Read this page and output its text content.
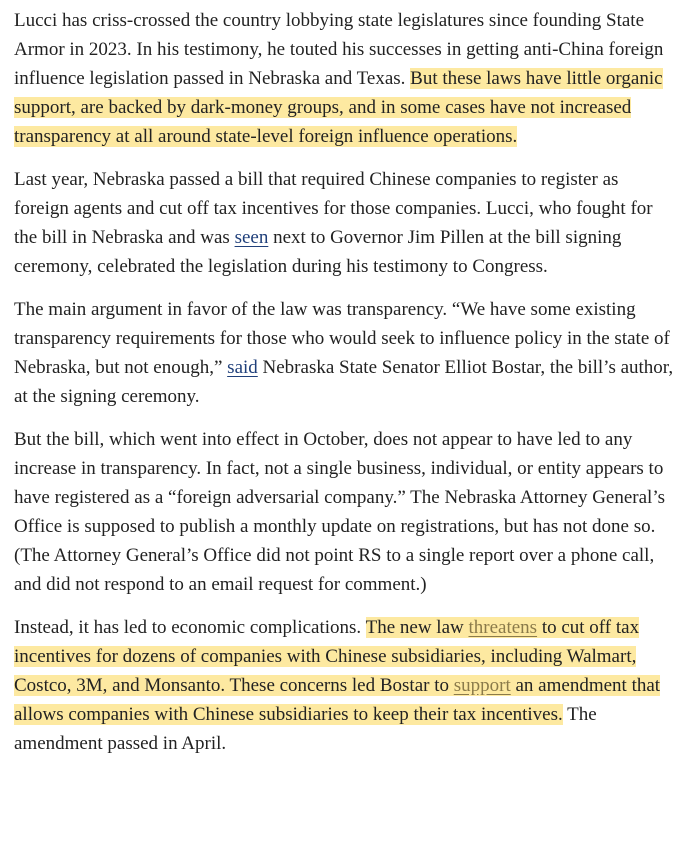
Lucci has criss-crossed the country lobbying state legislatures since founding State Armor in 2023. In his testimony, he touted his successes in getting anti-China foreign influence legislation passed in Nebraska and Texas. But these laws have little organic support, are backed by dark-money groups, and in some cases have not increased transparency at all around state-level foreign influence operations.

Last year, Nebraska passed a bill that required Chinese companies to register as foreign agents and cut off tax incentives for those companies. Lucci, who fought for the bill in Nebraska and was seen next to Governor Jim Pillen at the bill signing ceremony, celebrated the legislation during his testimony to Congress.

The main argument in favor of the law was transparency. “We have some existing transparency requirements for those who would seek to influence policy in the state of Nebraska, but not enough,” said Nebraska State Senator Elliot Bostar, the bill’s author, at the signing ceremony.

But the bill, which went into effect in October, does not appear to have led to any increase in transparency. In fact, not a single business, individual, or entity appears to have registered as a “foreign adversarial company.” The Nebraska Attorney General’s Office is supposed to publish a monthly update on registrations, but has not done so. (The Attorney General’s Office did not point RS to a single report over a phone call, and did not respond to an email request for comment.)

Instead, it has led to economic complications. The new law threatens to cut off tax incentives for dozens of companies with Chinese subsidiaries, including Walmart, Costco, 3M, and Monsanto. These concerns led Bostar to support an amendment that allows companies with Chinese subsidiaries to keep their tax incentives. The amendment passed in April.
